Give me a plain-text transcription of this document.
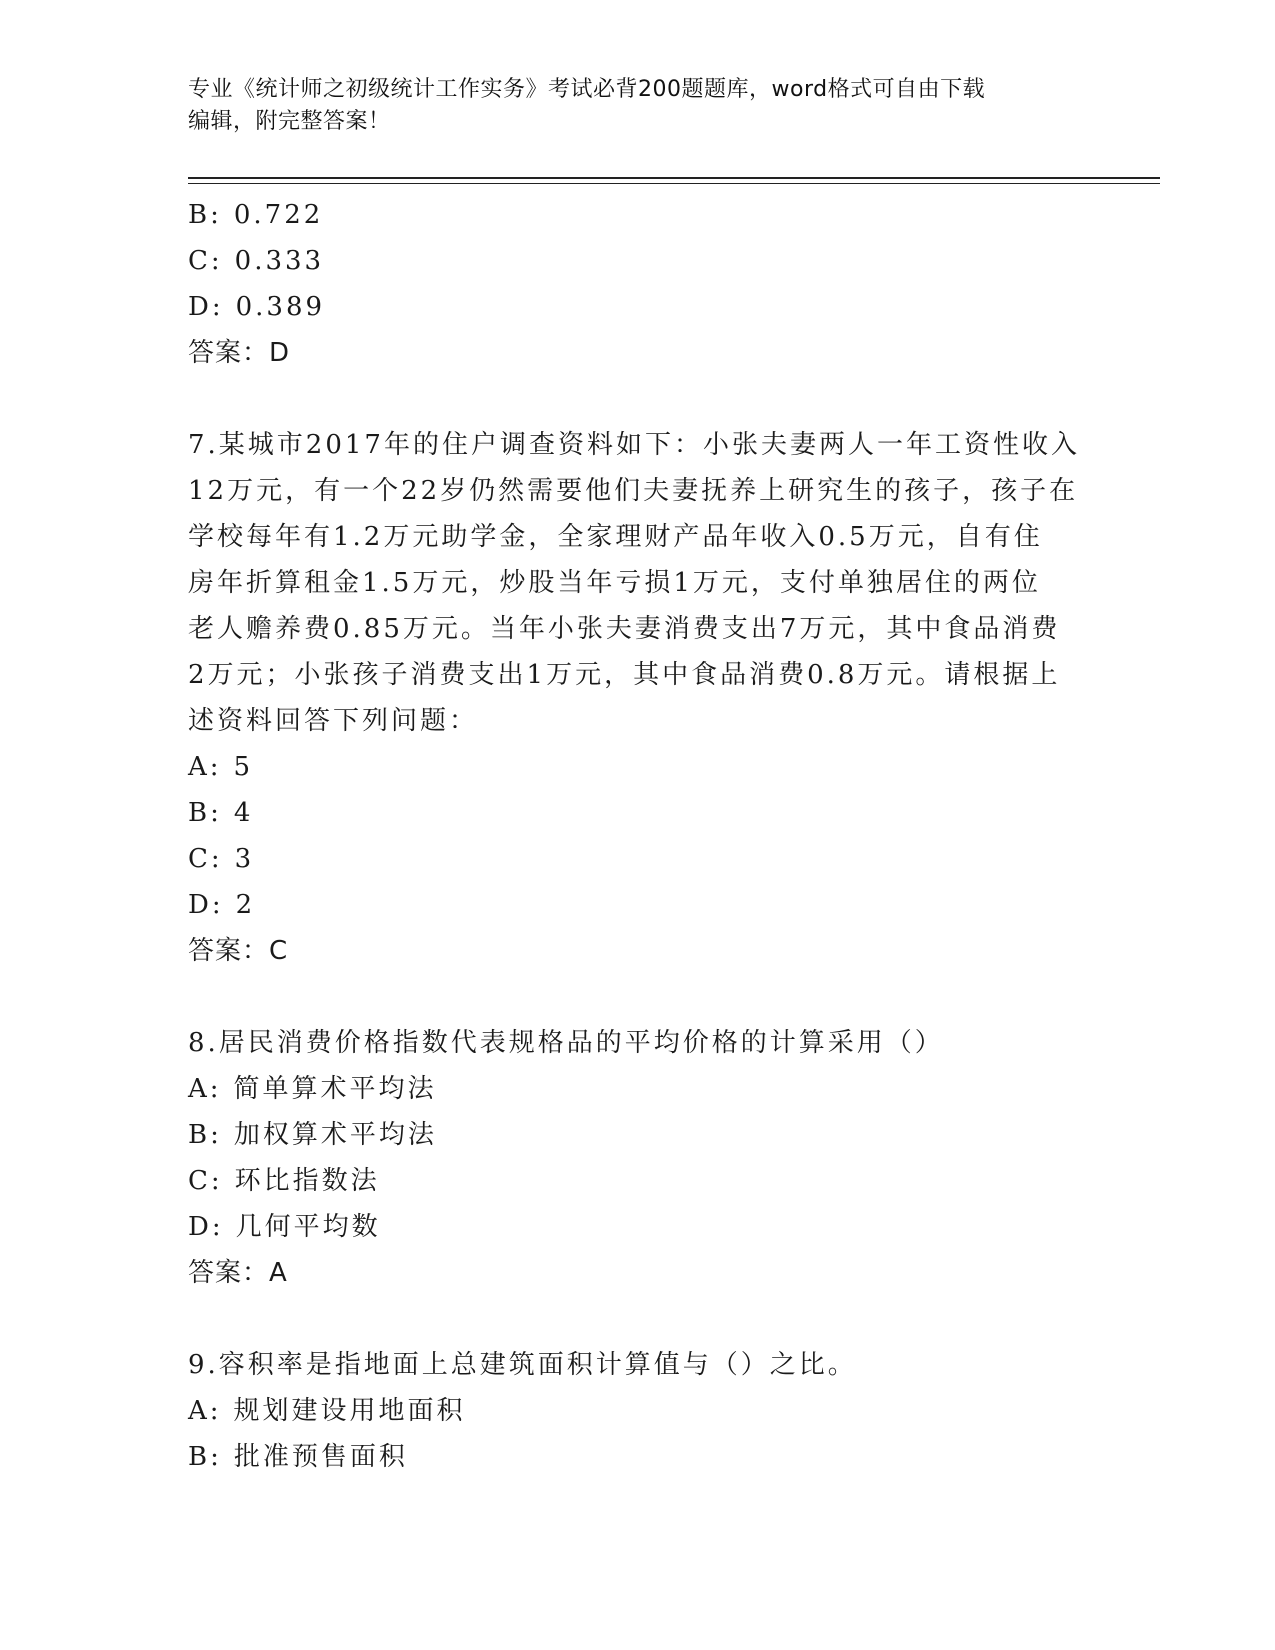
专业《统计师之初级统计工作实务》考试必背200题题库，word格式可自由下载
编辑，附完整答案！

B: 0.722

C: 0.333

D: 0.389

答案：D

7.某城市2017年的住户调查资料如下：小张夫妻两人一年工资性收入

12万元，有一个22岁仍然需要他们夫妻抚养上研究生的孩子，孩子在

学校每年有1.2万元助学金，全家理财产品年收入0.5万元，自有住

房年折算租金1.5万元，炒股当年亏损1万元，支付单独居住的两位

老人赡养费0.85万元。当年小张夫妻消费支出7万元，其中食品消费

2万元；小张孩子消费支出1万元，其中食品消费0.8万元。请根据上

述资料回答下列问题：

A: 5

B: 4

C: 3

D: 2

答案：C

8.居民消费价格指数代表规格品的平均价格的计算采用（）

A: 简单算术平均法

B: 加权算术平均法

C: 环比指数法

D: 几何平均数

答案：A

9.容积率是指地面上总建筑面积计算值与（）之比。

A: 规划建设用地面积

B: 批准预售面积
